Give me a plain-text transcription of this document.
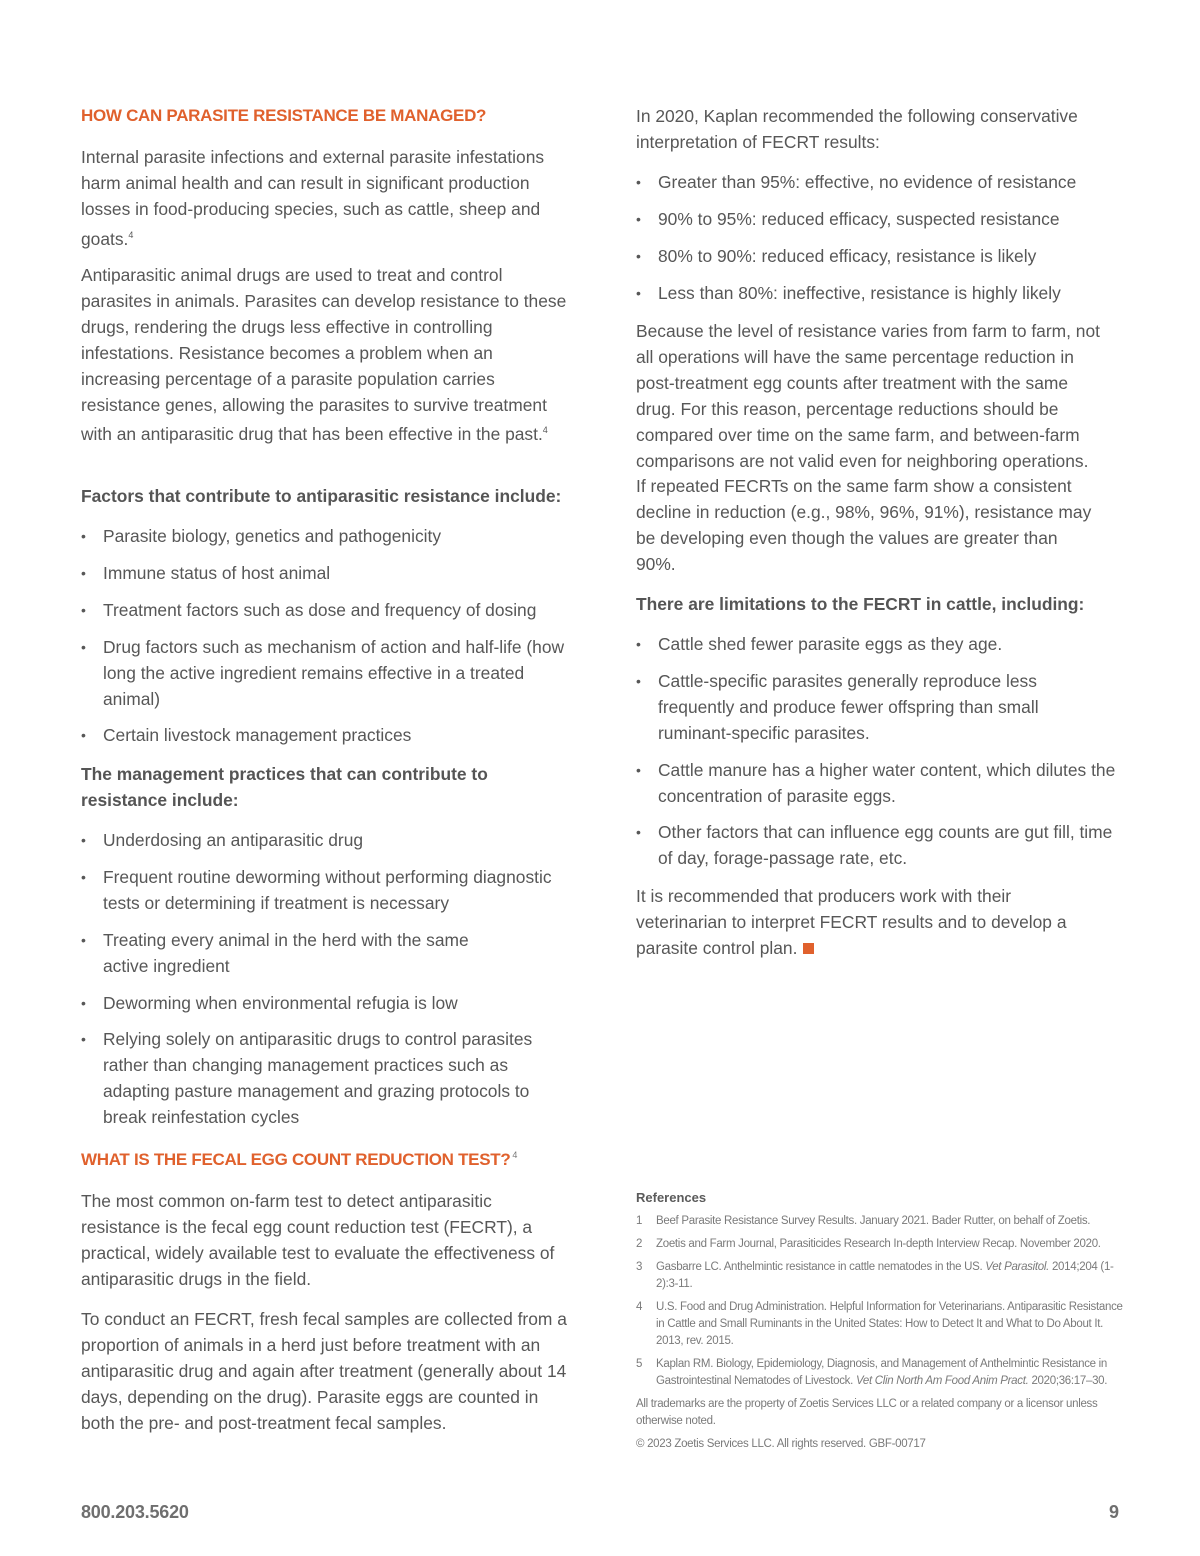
HOW CAN PARASITE RESISTANCE BE MANAGED?

Internal parasite infections and external parasite infestations harm animal health and can result in significant production losses in food-producing species, such as cattle, sheep and goats.$^4$

Antiparasitic animal drugs are used to treat and control parasites in animals. Parasites can develop resistance to these drugs, rendering the drugs less effective in controlling infestations. Resistance becomes a problem when an increasing percentage of a parasite population carries resistance genes, allowing the parasites to survive treatment with an antiparasitic drug that has been effective in the past.$^4$

Factors that contribute to antiparasitic resistance include:

• Parasite biology, genetics and pathogenicity
• Immune status of host animal
• Treatment factors such as dose and frequency of dosing
• Drug factors such as mechanism of action and half-life (how long the active ingredient remains effective in a treated animal)
• Certain livestock management practices

The management practices that can contribute to resistance include:

• Underdosing an antiparasitic drug
• Frequent routine deworming without performing diagnostic tests or determining if treatment is necessary
• Treating every animal in the herd with the same active ingredient
• Deworming when environmental refugia is low
• Relying solely on antiparasitic drugs to control parasites rather than changing management practices such as adapting pasture management and grazing protocols to break reinfestation cycles
WHAT IS THE FECAL EGG COUNT REDUCTION TEST? $^4$

The most common on-farm test to detect antiparasitic resistance is the fecal egg count reduction test (FECRT), a practical, widely available test to evaluate the effectiveness of antiparasitic drugs in the field.

To conduct an FECRT, fresh fecal samples are collected from a proportion of animals in a herd just before treatment with an antiparasitic drug and again after treatment (generally about 14 days, depending on the drug). Parasite eggs are counted in both the pre- and post-treatment fecal samples.

In 2020, Kaplan recommended the following conservative interpretation of FECRT results:

• Greater than 95%: effective, no evidence of resistance
• 90% to 95%: reduced efficacy, suspected resistance
• 80% to 90%: reduced efficacy, resistance is likely
• Less than 80%: ineffective, resistance is highly likely

Because the level of resistance varies from farm to farm, not all operations will have the same percentage reduction in post-treatment egg counts after treatment with the same drug. For this reason, percentage reductions should be compared over time on the same farm, and between-farm comparisons are not valid even for neighboring operations. If repeated FECRTs on the same farm show a consistent decline in reduction (e.g., 98%, 96%, 91%), resistance may be developing even though the values are greater than 90%.

There are limitations to the FECRT in cattle, including:

• Cattle shed fewer parasite eggs as they age.
• Cattle-specific parasites generally reproduce less frequently and produce fewer offspring than small ruminant-specific parasites.
• Cattle manure has a higher water content, which dilutes the concentration of parasite eggs.
• Other factors that can influence egg counts are gut fill, time of day, forage-passage rate, etc.

It is recommended that producers work with their veterinarian to interpret FECRT results and to develop a parasite control plan.

References
1 Beef Parasite Resistance Survey Results. January 2021. Bader Rutter, on behalf of Zoetis.
2 Zoetis and Farm Journal, Parasiticides Research In-depth Interview Recap. November 2020.
3 Gasbarre LC. Anthelmintic resistance in cattle nematodes in the US. Vet Parasitol. 2014;204 (1-2):3-11.
4 U.S. Food and Drug Administration. Helpful Information for Veterinarians. Antiparasitic Resistance in Cattle and Small Ruminants in the United States: How to Detect It and What to Do About It. 2013, rev. 2015.
5 Kaplan RM. Biology, Epidemiology, Diagnosis, and Management of Anthelmintic Resistance in Gastrointestinal Nematodes of Livestock. Vet Clin North Am Food Anim Pract. 2020;36:17–30.
All trademarks are the property of Zoetis Services LLC or a related company or a licensor unless otherwise noted.
© 2023 Zoetis Services LLC. All rights reserved. GBF-00717
800.203.5620	9
